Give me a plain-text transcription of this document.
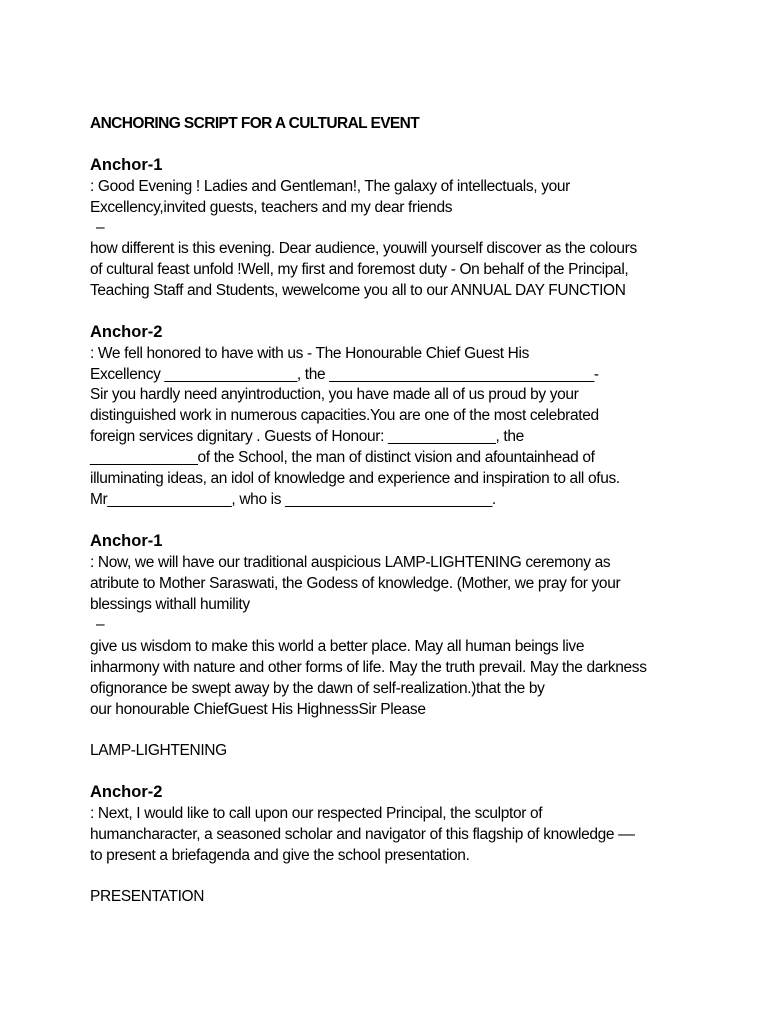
ANCHORING SCRIPT FOR A CULTURAL EVENT
Anchor-1
: Good Evening ! Ladies and Gentleman!, The galaxy of intellectuals, your
Excellency,invited guests, teachers and my dear friends
–
how different is this evening. Dear audience, youwill yourself discover as the colours
of cultural feast unfold !Well, my first and foremost duty - On behalf of the Principal,
Teaching Staff and Students, wewelcome you all to our ANNUAL DAY FUNCTION
Anchor-2
: We fell honored to have with us - The Honourable Chief Guest His
Excellency ________________, the ________________________________-
Sir you hardly need anyintroduction, you have made all of us proud by your
distinguished work in numerous capacities.You are one of the most celebrated
foreign services dignitary . Guests of Honour: _____________, the
_____________of the School, the man of distinct vision and afountainhead of
illuminating ideas, an idol of knowledge and experience and inspiration to all ofus.
Mr_______________, who is _________________________.
Anchor-1
: Now, we will have our traditional auspicious LAMP-LIGHTENING ceremony as
atribute to Mother Saraswati, the Godess of knowledge. (Mother, we pray for your
blessings withall humility
–
give us wisdom to make this world a better place. May all human beings live
inharmony with nature and other forms of life. May the truth prevail. May the darkness
ofignorance be swept away by the dawn of self-realization.)that the by
our honourable ChiefGuest His HighnessSir Please
LAMP-LIGHTENING
Anchor-2
: Next, I would like to call upon our respected Principal, the sculptor of
humancharacter, a seasoned scholar and navigator of this flagship of knowledge ––
to present a briefagenda and give the school presentation.
PRESENTATION
